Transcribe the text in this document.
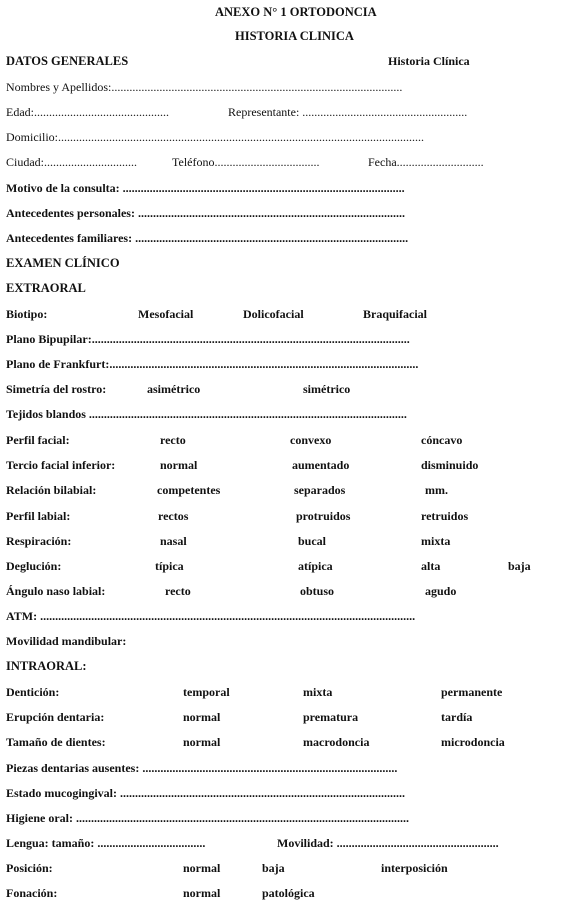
ANEXO N° 1 ORTODONCIA
HISTORIA CLINICA
DATOS GENERALES	Historia Clínica
Nombres y Apellidos:.................................................................................................
Edad:.............................................	Representante: .......................................................
Domicilio:..........................................................................................................................
Ciudad:...............................	Teléfono...................................	Fecha.............................
Motivo de la consulta: ..............................................................................................
Antecedentes personales: .........................................................................................
Antecedentes familiares: ...........................................................................................
EXAMEN CLÍNICO
EXTRAORAL
Biotipo:	Mesofacial	Dolicofacial	Braquifacial
Plano Bipupilar:..........................................................................................................
Plano de Frankfurt:.......................................................................................................
Simetría del rostro:	asimétrico	simétrico
Tejidos blandos ..........................................................................................................
Perfil facial:	recto	convexo	cóncavo
Tercio facial inferior:	normal	aumentado	disminuido
Relación bilabial:	competentes	separados	mm.
Perfil labial:	rectos	protruidos	retruidos
Respiración:	nasal	bucal	mixta
Deglución:	típica	atípica	alta	baja
Ángulo naso labial:	recto	obtuso	agudo
ATM: .............................................................................................................................
Movilidad mandibular:
INTRAORAL:
Dentición:	temporal	mixta	permanente
Erupción dentaria:	normal	prematura	tardía
Tamaño de dientes:	normal	macrodoncia	microdoncia
Piezas dentarias ausentes: .....................................................................................
Estado mucogingival: ...............................................................................................
Higiene oral: ...............................................................................................................
Lengua: tamaño: ....................................	Movilidad: ......................................................
Posición:	normal	baja	interposición
Fonación:	normal	patológica
